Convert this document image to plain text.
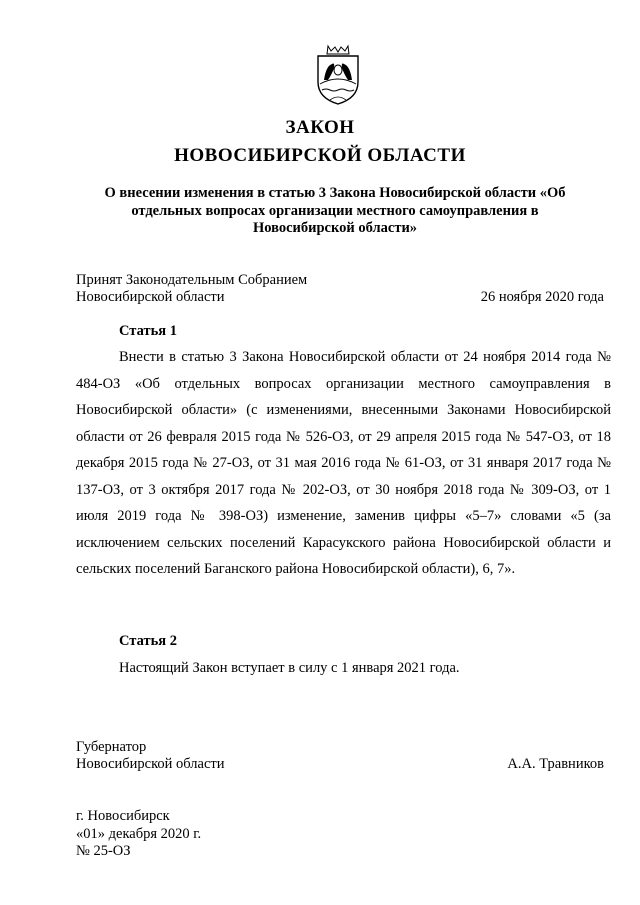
ЗАКОН
НОВОСИБИРСКОЙ ОБЛАСТИ
О внесении изменения в статью 3 Закона Новосибирской области «Об отдельных вопросах организации местного самоуправления в Новосибирской области»
Принят Законодательным Собранием
Новосибирской области	26 ноября 2020 года
Статья 1
Внести в статью 3 Закона Новосибирской области от 24 ноября 2014 года № 484-ОЗ «Об отдельных вопросах организации местного самоуправления в Новосибирской области» (с изменениями, внесенными Законами Новосибирской области от 26 февраля 2015 года № 526-ОЗ, от 29 апреля 2015 года № 547-ОЗ, от 18 декабря 2015 года № 27-ОЗ, от 31 мая 2016 года № 61-ОЗ, от 31 января 2017 года № 137-ОЗ, от 3 октября 2017 года № 202-ОЗ, от 30 ноября 2018 года № 309-ОЗ, от 1 июля 2019 года № 398-ОЗ) изменение, заменив цифры «5–7» словами «5 (за исключением сельских поселений Карасукского района Новосибирской области и сельских поселений Баганского района Новосибирской области), 6, 7».
Статья 2
Настоящий Закон вступает в силу с 1 января 2021 года.
Губернатор
Новосибирской области	А.А. Травников
г. Новосибирск
«01» декабря 2020 г.
№ 25-ОЗ
